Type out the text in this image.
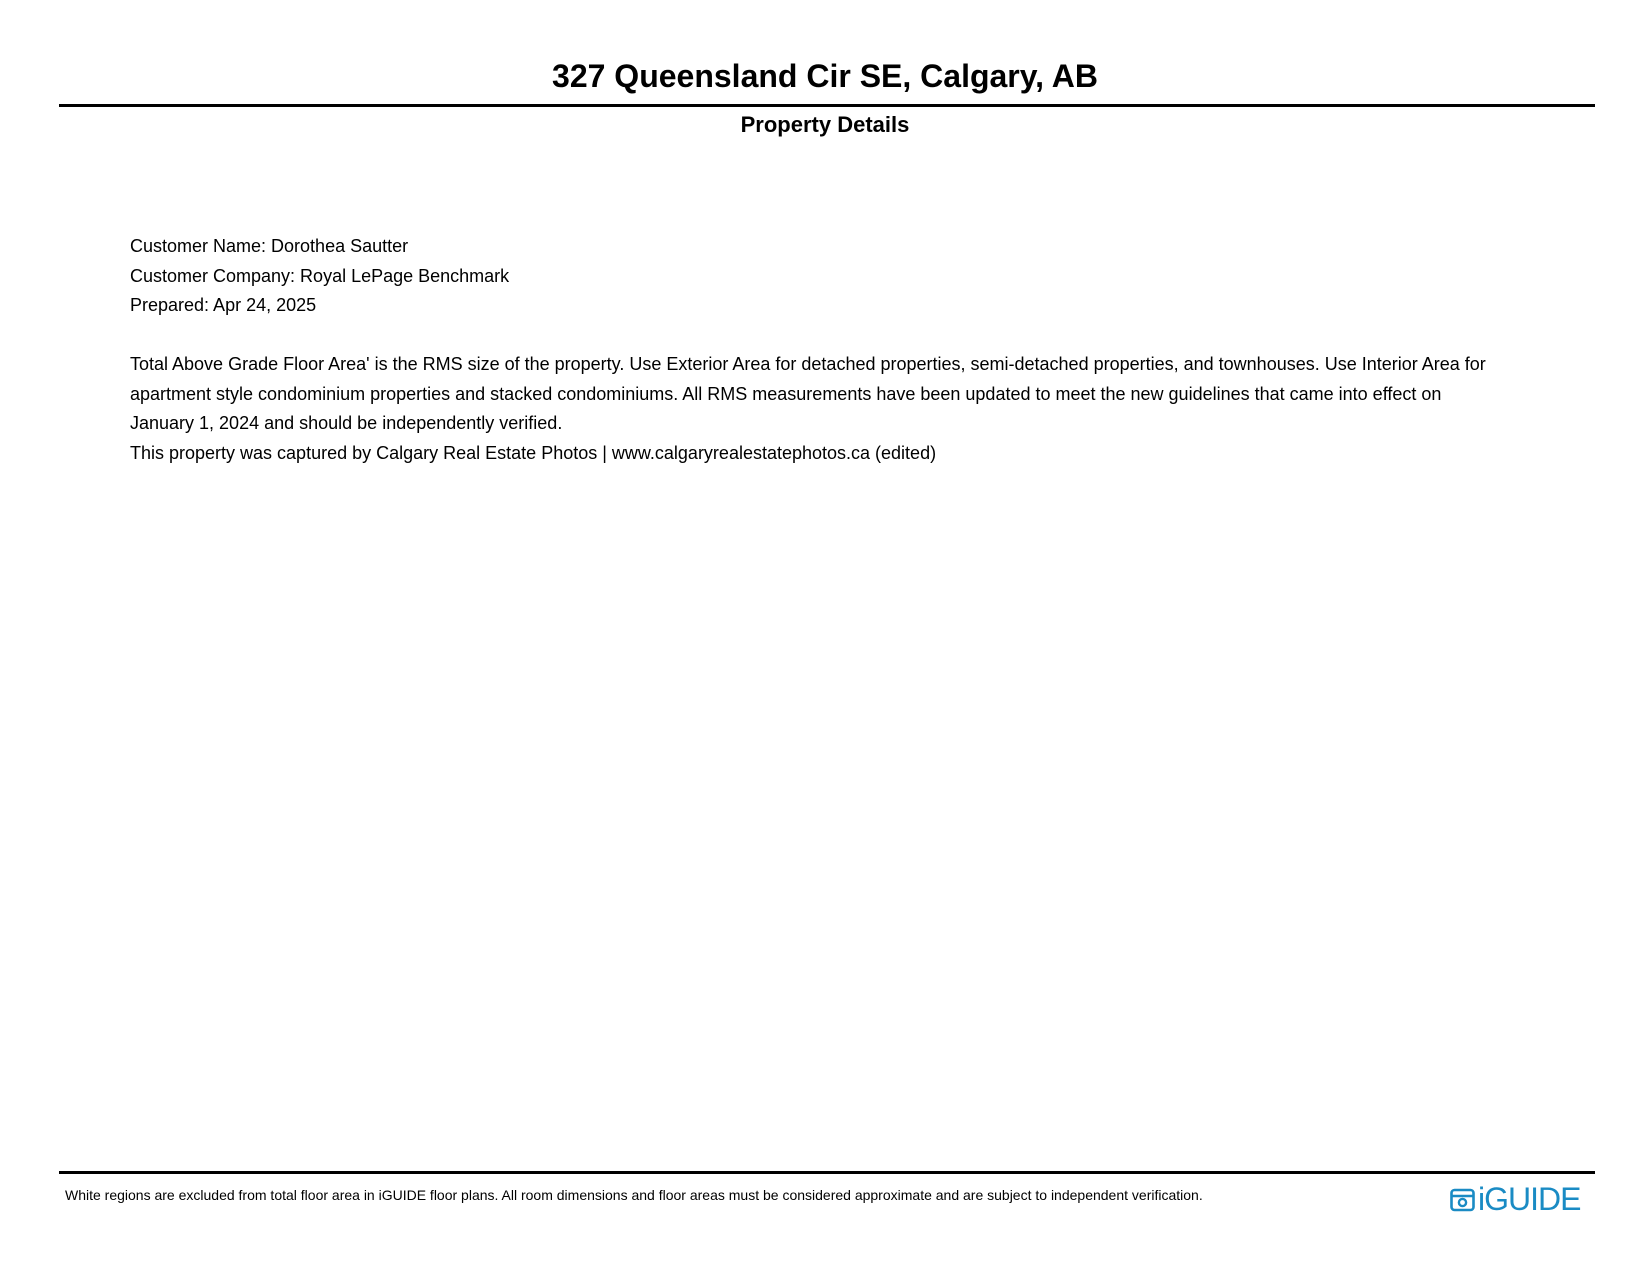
327 Queensland Cir SE, Calgary, AB
Property Details

Customer Name: Dorothea Sautter

Customer Company: Royal LePage Benchmark

Prepared: Apr 24, 2025

Total Above Grade Floor Area' is the RMS size of the property. Use Exterior Area for detached properties, semi-detached properties, and townhouses. Use Interior Area for apartment style condominium properties and stacked condominiums. All RMS measurements have been updated to meet the new guidelines that came into effect on January 1, 2024 and should be independently verified.

This property was captured by Calgary Real Estate Photos | www.calgaryrealestatephotos.ca (edited)

White regions are excluded from total floor area in iGUIDE floor plans. All room dimensions and floor areas must be considered approximate and are subject to independent verification.	iGUIDE
